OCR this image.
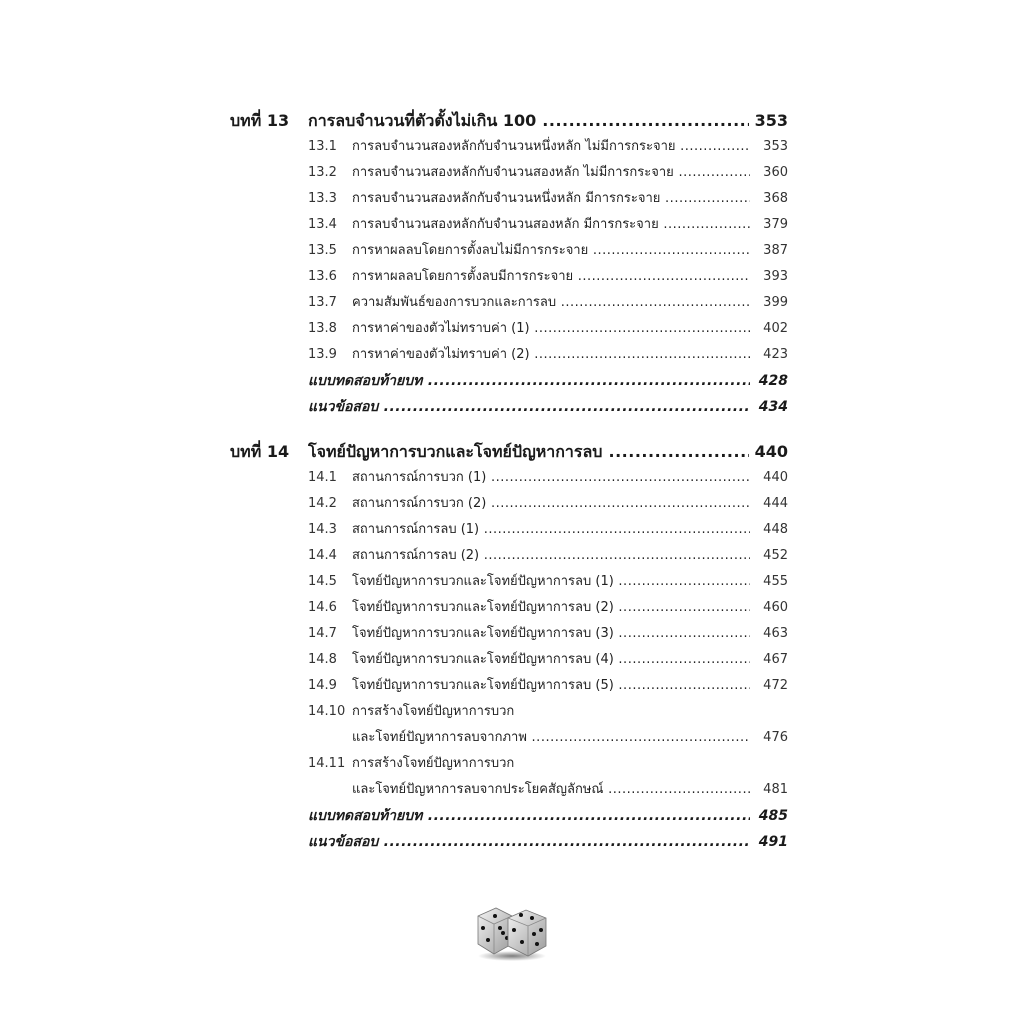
บทที่ 13 การลบจำนวนที่ตัวตั้งไม่เกิน 100 .....	353
13.1 การลบจำนวนสองหลักกับจำนวนหนึ่งหลัก ไม่มีการกระจาย .....	353
13.2 การลบจำนวนสองหลักกับจำนวนสองหลัก ไม่มีการกระจาย .....	360
13.3 การลบจำนวนสองหลักกับจำนวนหนึ่งหลัก มีการกระจาย .....	368
13.4 การลบจำนวนสองหลักกับจำนวนสองหลัก มีการกระจาย .....	379
13.5 การหาผลลบโดยการตั้งลบไม่มีการกระจาย .....	387
13.6 การหาผลลบโดยการตั้งลบมีการกระจาย .....	393
13.7 ความสัมพันธ์ของการบวกและการลบ .....	399
13.8 การหาค่าของตัวไม่ทราบค่า (1) .....	402
13.9 การหาค่าของตัวไม่ทราบค่า (2) .....	423
แบบทดสอบท้ายบท .....	428
แนวข้อสอบ .....	434
บทที่ 14 โจทย์ปัญหาการบวกและโจทย์ปัญหาการลบ .....	440
14.1 สถานการณ์การบวก (1) .....	440
14.2 สถานการณ์การบวก (2) .....	444
14.3 สถานการณ์การลบ (1) .....	448
14.4 สถานการณ์การลบ (2) .....	452
14.5 โจทย์ปัญหาการบวกและโจทย์ปัญหาการลบ (1) .....	455
14.6 โจทย์ปัญหาการบวกและโจทย์ปัญหาการลบ (2) .....	460
14.7 โจทย์ปัญหาการบวกและโจทย์ปัญหาการลบ (3) .....	463
14.8 โจทย์ปัญหาการบวกและโจทย์ปัญหาการลบ (4) .....	467
14.9 โจทย์ปัญหาการบวกและโจทย์ปัญหาการลบ (5) .....	472
14.10 การสร้างโจทย์ปัญหาการบวก
และโจทย์ปัญหาการลบจากภาพ .....	476
14.11 การสร้างโจทย์ปัญหาการบวก
และโจทย์ปัญหาการลบจากประโยคสัญลักษณ์ .....	481
แบบทดสอบท้ายบท .....	485
แนวข้อสอบ .....	491
